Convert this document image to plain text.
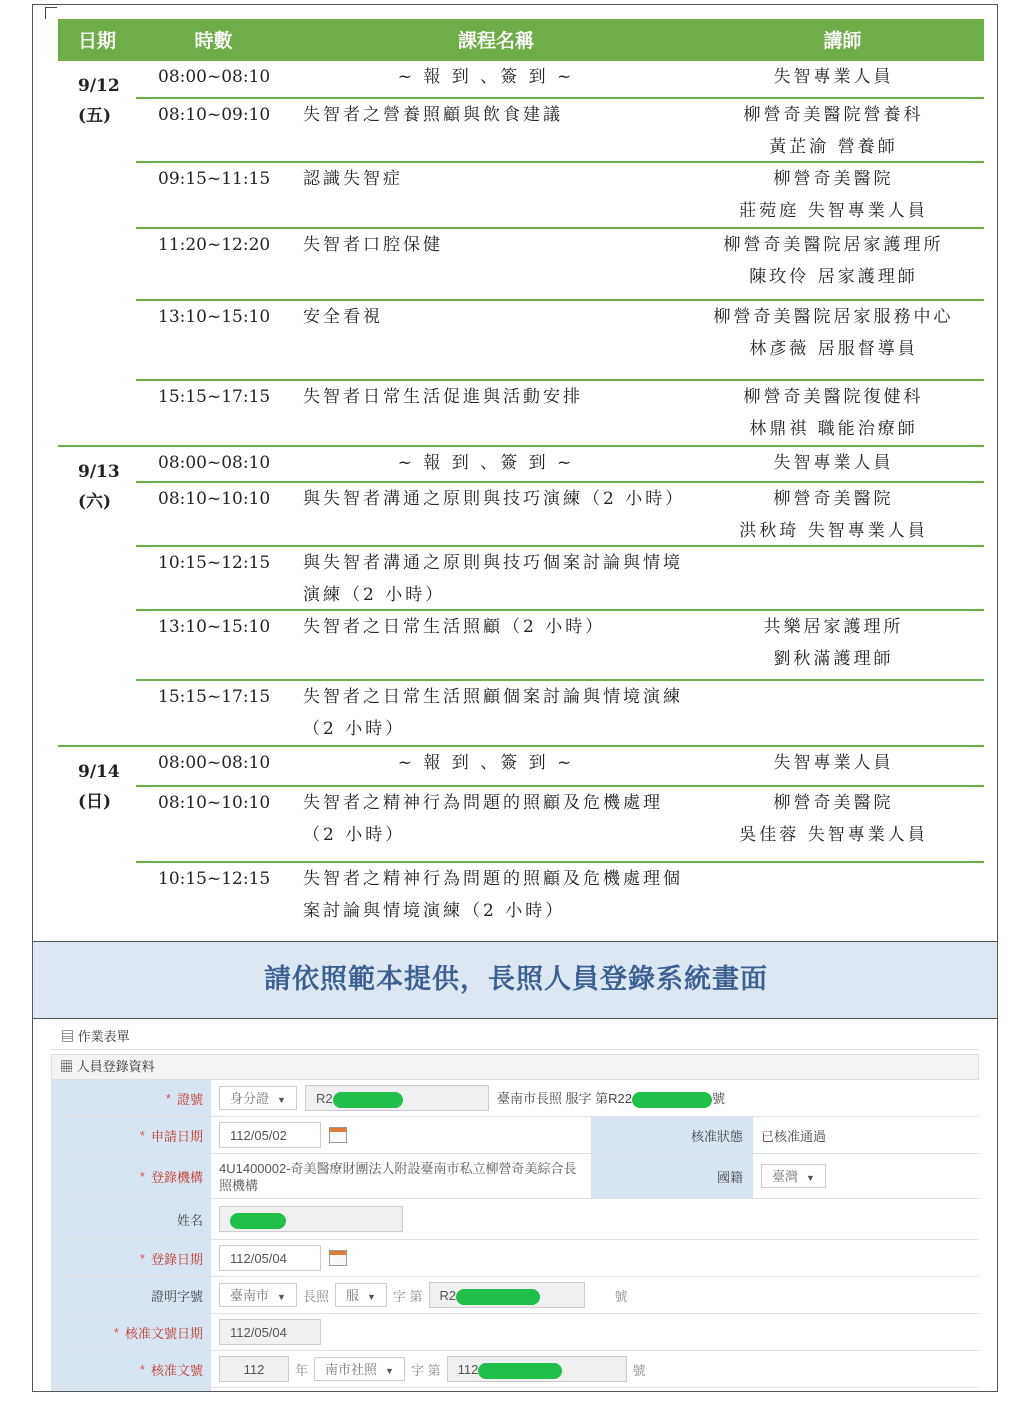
日期	時數	課程名稱	講師
9/12
(五)
08:00~08:10	~ 報 到 、簽 到 ~	失智專業人員
08:10~09:10	失智者之營養照顧與飲食建議	柳營奇美醫院營養科
黃芷渝 營養師
09:15~11:15	認識失智症	柳營奇美醫院
莊菀庭 失智專業人員
11:20~12:20	失智者口腔保健	柳營奇美醫院居家護理所
陳玫伶 居家護理師
13:10~15:10	安全看視	柳營奇美醫院居家服務中心
林彥薇 居服督導員
15:15~17:15	失智者日常生活促進與活動安排	柳營奇美醫院復健科
林鼎祺 職能治療師
9/13
(六)
08:00~08:10	~ 報 到 、簽 到 ~	失智專業人員
08:10~10:10	與失智者溝通之原則與技巧演練（2 小時）	柳營奇美醫院
洪秋琦 失智專業人員
10:15~12:15	與失智者溝通之原則與技巧個案討論與情境演練（2 小時）
13:10~15:10	失智者之日常生活照顧（2 小時）	共樂居家護理所
劉秋滿護理師
15:15~17:15	失智者之日常生活照顧個案討論與情境演練 （2 小時）
9/14
(日)
08:00~08:10	~ 報 到 、簽 到 ~	失智專業人員
08:10~10:10	失智者之精神行為問題的照顧及危機處理（2 小時）
柳營奇美醫院
吳佳蓉 失智專業人員
10:15~12:15	失智者之精神行為問題的照顧及危機處理個案討論與情境演練（2 小時）
請依照範本提供，長照人員登錄系統畫面
▤ 作業表單
▦ 人員登錄資料
* 證號	身分證 ▼	R2	臺南市長照 服字 第R22	號
* 申請日期	112/05/02	核准狀態	已核准通過
* 登錄機構
4U1400002-奇美醫療財團法人附設臺南市私立柳營奇美綜合長照機構
國籍	臺灣 ▼
姓名
* 登錄日期	112/05/04
證明字號	臺南市 ▼	長照	服 ▼	字 第	R2	號
* 核准文號日期	112/05/04
* 核准文號	112	年	南市社照 ▼	字 第	112	號
